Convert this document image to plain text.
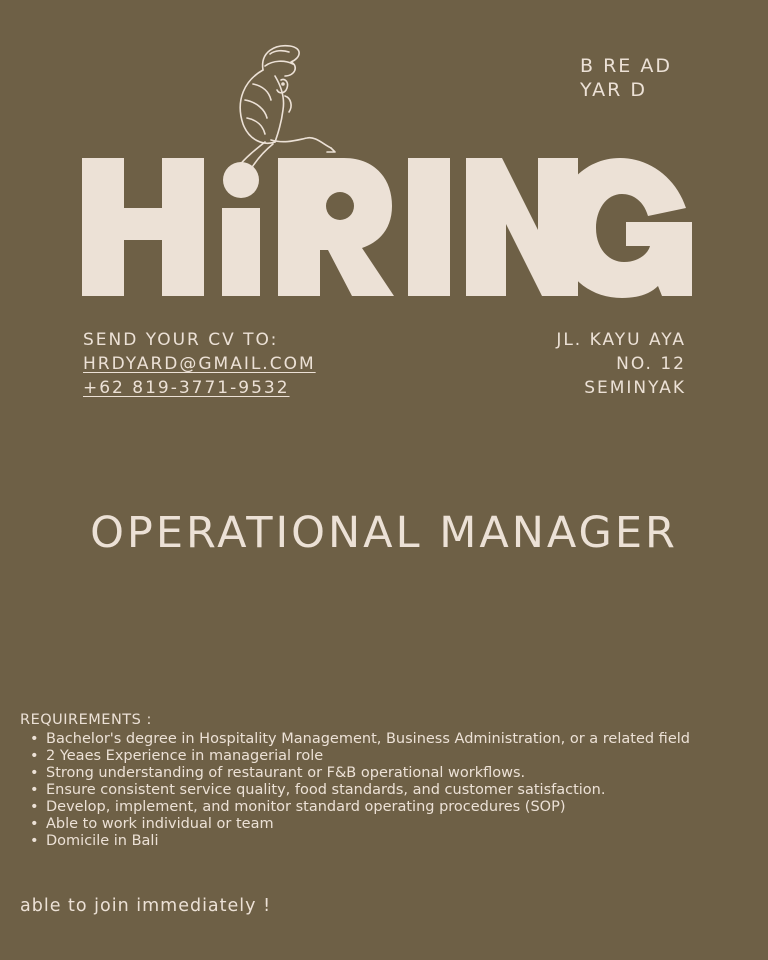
B RE AD
YAR D
SEND YOUR CV TO:
HRDYARD@GMAIL.COM
+62 819-3771-9532
JL. KAYU AYA
NO. 12
SEMINYAK
OPERATIONAL MANAGER
REQUIREMENTS :
• Bachelor's degree in Hospitality Management, Business Administration, or a related field
• 2 Yeaes Experience in managerial role
• Strong understanding of restaurant or F&B operational workflows.
• Ensure consistent service quality, food standards, and customer satisfaction.
• Develop, implement, and monitor standard operating procedures (SOP)
• Able to work individual or team
• Domicile in Bali
able to join immediately !
